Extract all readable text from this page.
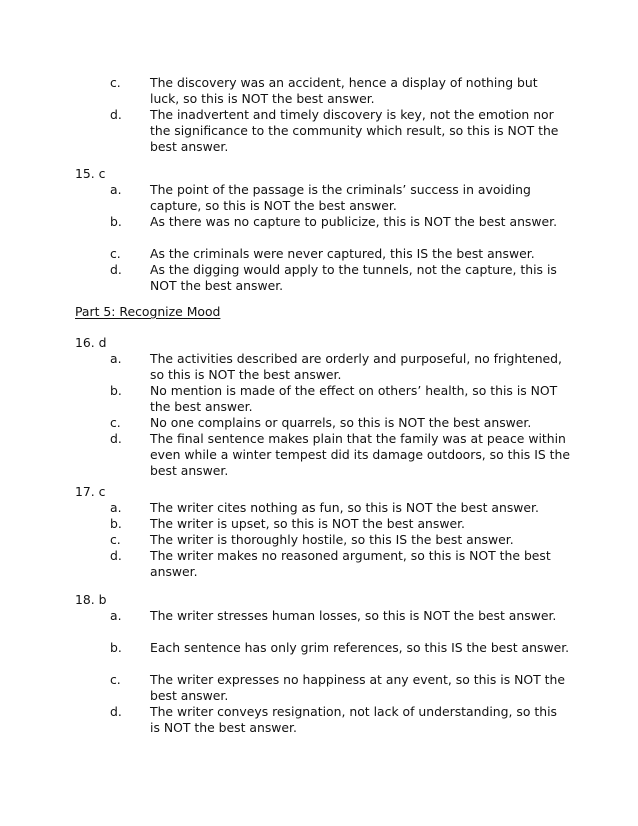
c. The discovery was an accident, hence a display of nothing but luck, so this is NOT the best answer.
d. The inadvertent and timely discovery is key, not the emotion nor the significance to the community which result, so this is NOT the best answer.
15. c
a. The point of the passage is the criminals’ success in avoiding capture, so this is NOT the best answer.
b. As there was no capture to publicize, this is NOT the best answer.
c. As the criminals were never captured, this IS the best answer.
d. As the digging would apply to the tunnels, not the capture, this is NOT the best answer.
Part 5: Recognize Mood
16. d
a. The activities described are orderly and purposeful, no frightened, so this is NOT the best answer.
b. No mention is made of the effect on others’ health, so this is NOT the best answer.
c. No one complains or quarrels, so this is NOT the best answer.
d. The final sentence makes plain that the family was at peace within even while a winter tempest did its damage outdoors, so this IS the best answer.
17. c
a. The writer cites nothing as fun, so this is NOT the best answer.
b. The writer is upset, so this is NOT the best answer.
c. The writer is thoroughly hostile, so this IS the best answer.
d. The writer makes no reasoned argument, so this is NOT the best answer.
18. b
a. The writer stresses human losses, so this is NOT the best answer.
b. Each sentence has only grim references, so this IS the best answer.
c. The writer expresses no happiness at any event, so this is NOT the best answer.
d. The writer conveys resignation, not lack of understanding, so this is NOT the best answer.
